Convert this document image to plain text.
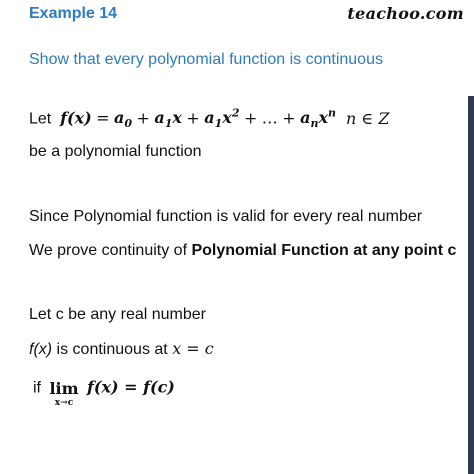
teachoo.com
Example 14
Show that every polynomial function is continuous
Let $f(x) = a_0 + a_1x + a_1x^2$ + … + $a_nx^n$ n ∈ Z
be a polynomial function
Since Polynomial function is valid for every real number
We prove continuity of Polynomial Function at any point c
Let c be any real number
f(x) is continuous at x = c
if lim
x→c
f(x) = f(c)
